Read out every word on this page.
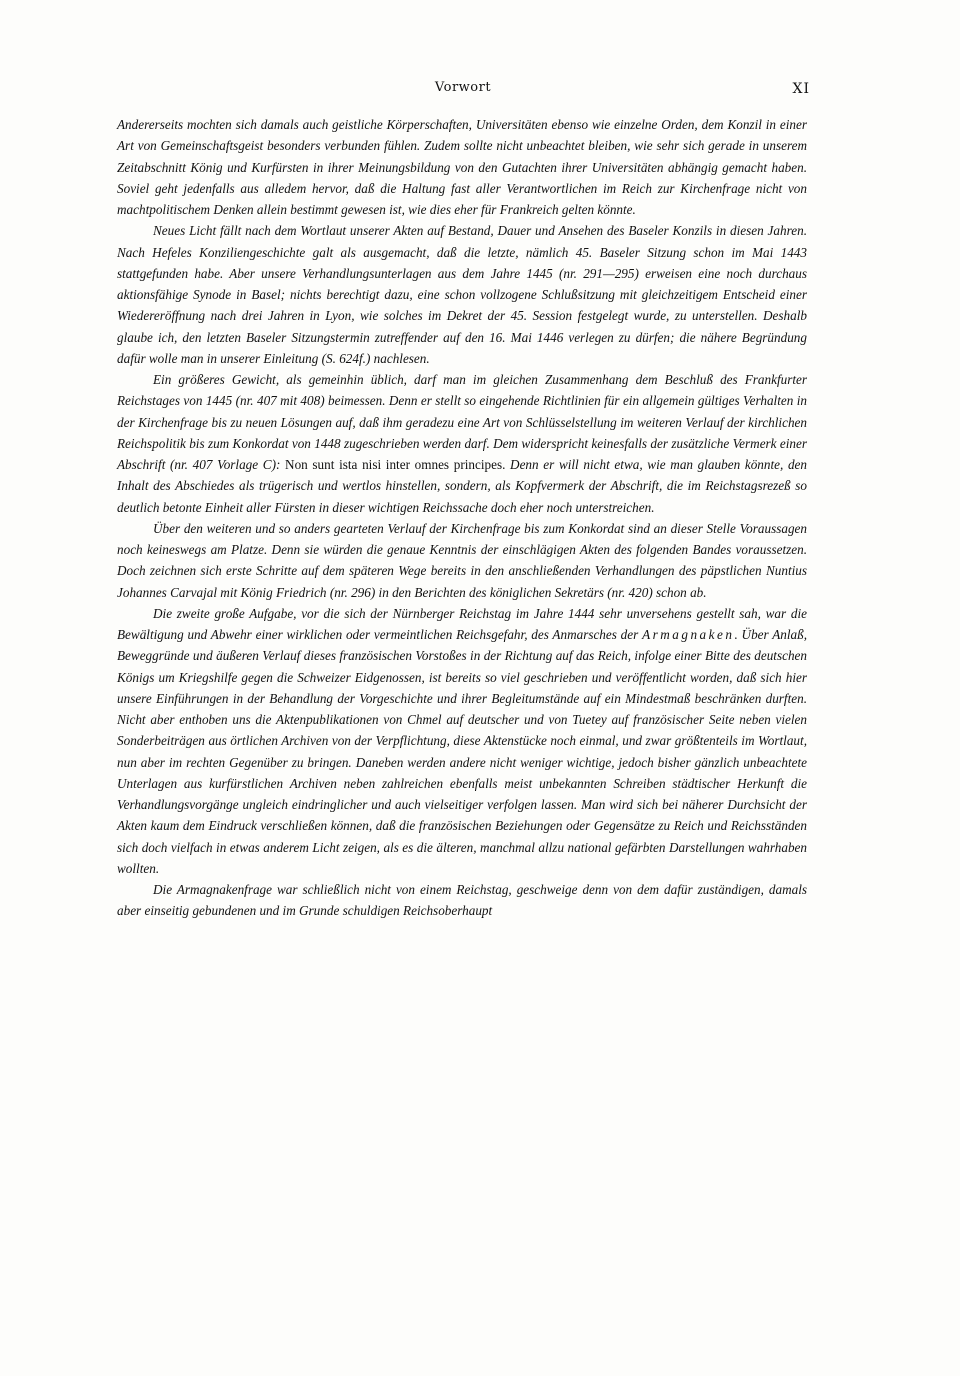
Vorwort	XI

Andererseits mochten sich damals auch geistliche Körperschaften, Universitäten ebenso wie einzelne Orden, dem Konzil in einer Art von Gemeinschaftsgeist besonders verbunden fühlen. Zudem sollte nicht unbeachtet bleiben, wie sehr sich gerade in unserem Zeitabschnitt König und Kurfürsten in ihrer Meinungsbildung von den Gutachten ihrer Universitäten abhängig gemacht haben. Soviel geht jedenfalls aus alledem hervor, daß die Haltung fast aller Verantwortlichen im Reich zur Kirchenfrage nicht von machtpolitischem Denken allein bestimmt gewesen ist, wie dies eher für Frankreich gelten könnte.

Neues Licht fällt nach dem Wortlaut unserer Akten auf Bestand, Dauer und Ansehen des Baseler Konzils in diesen Jahren. Nach Hefeles Konziliengeschichte galt als ausgemacht, daß die letzte, nämlich 45. Baseler Sitzung schon im Mai 1443 stattgefunden habe. Aber unsere Verhandlungsunterlagen aus dem Jahre 1445 (nr. 291—295) erweisen eine noch durchaus aktionsfähige Synode in Basel; nichts berechtigt dazu, eine schon vollzogene Schlußsitzung mit gleichzeitigem Entscheid einer Wiedereröffnung nach drei Jahren in Lyon, wie solches im Dekret der 45. Session festgelegt wurde, zu unterstellen. Deshalb glaube ich, den letzten Baseler Sitzungstermin zutreffender auf den 16. Mai 1446 verlegen zu dürfen; die nähere Begründung dafür wolle man in unserer Einleitung (S. 624f.) nachlesen.

Ein größeres Gewicht, als gemeinhin üblich, darf man im gleichen Zusammenhang dem Beschluß des Frankfurter Reichstages von 1445 (nr. 407 mit 408) beimessen. Denn er stellt so eingehende Richtlinien für ein allgemein gültiges Verhalten in der Kirchenfrage bis zu neuen Lösungen auf, daß ihm geradezu eine Art von Schlüsselstellung im weiteren Verlauf der kirchlichen Reichspolitik bis zum Konkordat von 1448 zugeschrieben werden darf. Dem widerspricht keinesfalls der zusätzliche Vermerk einer Abschrift (nr. 407 Vorlage C): Non sunt ista nisi inter omnes principes. Denn er will nicht etwa, wie man glauben könnte, den Inhalt des Abschiedes als trügerisch und wertlos hinstellen, sondern, als Kopfvermerk der Abschrift, die im Reichstagsrezeß so deutlich betonte Einheit aller Fürsten in dieser wichtigen Reichssache doch eher noch unterstreichen.

Über den weiteren und so anders gearteten Verlauf der Kirchenfrage bis zum Konkordat sind an dieser Stelle Voraussagen noch keineswegs am Platze. Denn sie würden die genaue Kenntnis der einschlägigen Akten des folgenden Bandes voraussetzen. Doch zeichnen sich erste Schritte auf dem späteren Wege bereits in den anschließenden Verhandlungen des päpstlichen Nuntius Johannes Carvajal mit König Friedrich (nr. 296) in den Berichten des königlichen Sekretärs (nr. 420) schon ab.

Die zweite große Aufgabe, vor die sich der Nürnberger Reichstag im Jahre 1444 sehr unversehens gestellt sah, war die Bewältigung und Abwehr einer wirklichen oder vermeintlichen Reichsgefahr, des Anmarsches der Armagnaken. Über Anlaß, Beweggründe und äußeren Verlauf dieses französischen Vorstoßes in der Richtung auf das Reich, infolge einer Bitte des deutschen Königs um Kriegshilfe gegen die Schweizer Eidgenossen, ist bereits so viel geschrieben und veröffentlicht worden, daß sich hier unsere Einführungen in der Behandlung der Vorgeschichte und ihrer Begleitumstände auf ein Mindestmaß beschränken durften. Nicht aber enthoben uns die Aktenpublikationen von Chmel auf deutscher und von Tuetey auf französischer Seite neben vielen Sonderbeiträgen aus örtlichen Archiven von der Verpflichtung, diese Aktenstücke noch einmal, und zwar größtenteils im Wortlaut, nun aber im rechten Gegenüber zu bringen. Daneben werden andere nicht weniger wichtige, jedoch bisher gänzlich unbeachtete Unterlagen aus kurfürstlichen Archiven neben zahlreichen ebenfalls meist unbekannten Schreiben städtischer Herkunft die Verhandlungsvorgänge ungleich eindringlicher und auch vielseitiger verfolgen lassen. Man wird sich bei näherer Durchsicht der Akten kaum dem Eindruck verschließen können, daß die französischen Beziehungen oder Gegensätze zu Reich und Reichsständen sich doch vielfach in etwas anderem Licht zeigen, als es die älteren, manchmal allzu national gefärbten Darstellungen wahrhaben wollten.

Die Armagnakenfrage war schließlich nicht von einem Reichstag, geschweige denn von dem dafür zuständigen, damals aber einseitig gebundenen und im Grunde schuldigen Reichsoberhaupt
